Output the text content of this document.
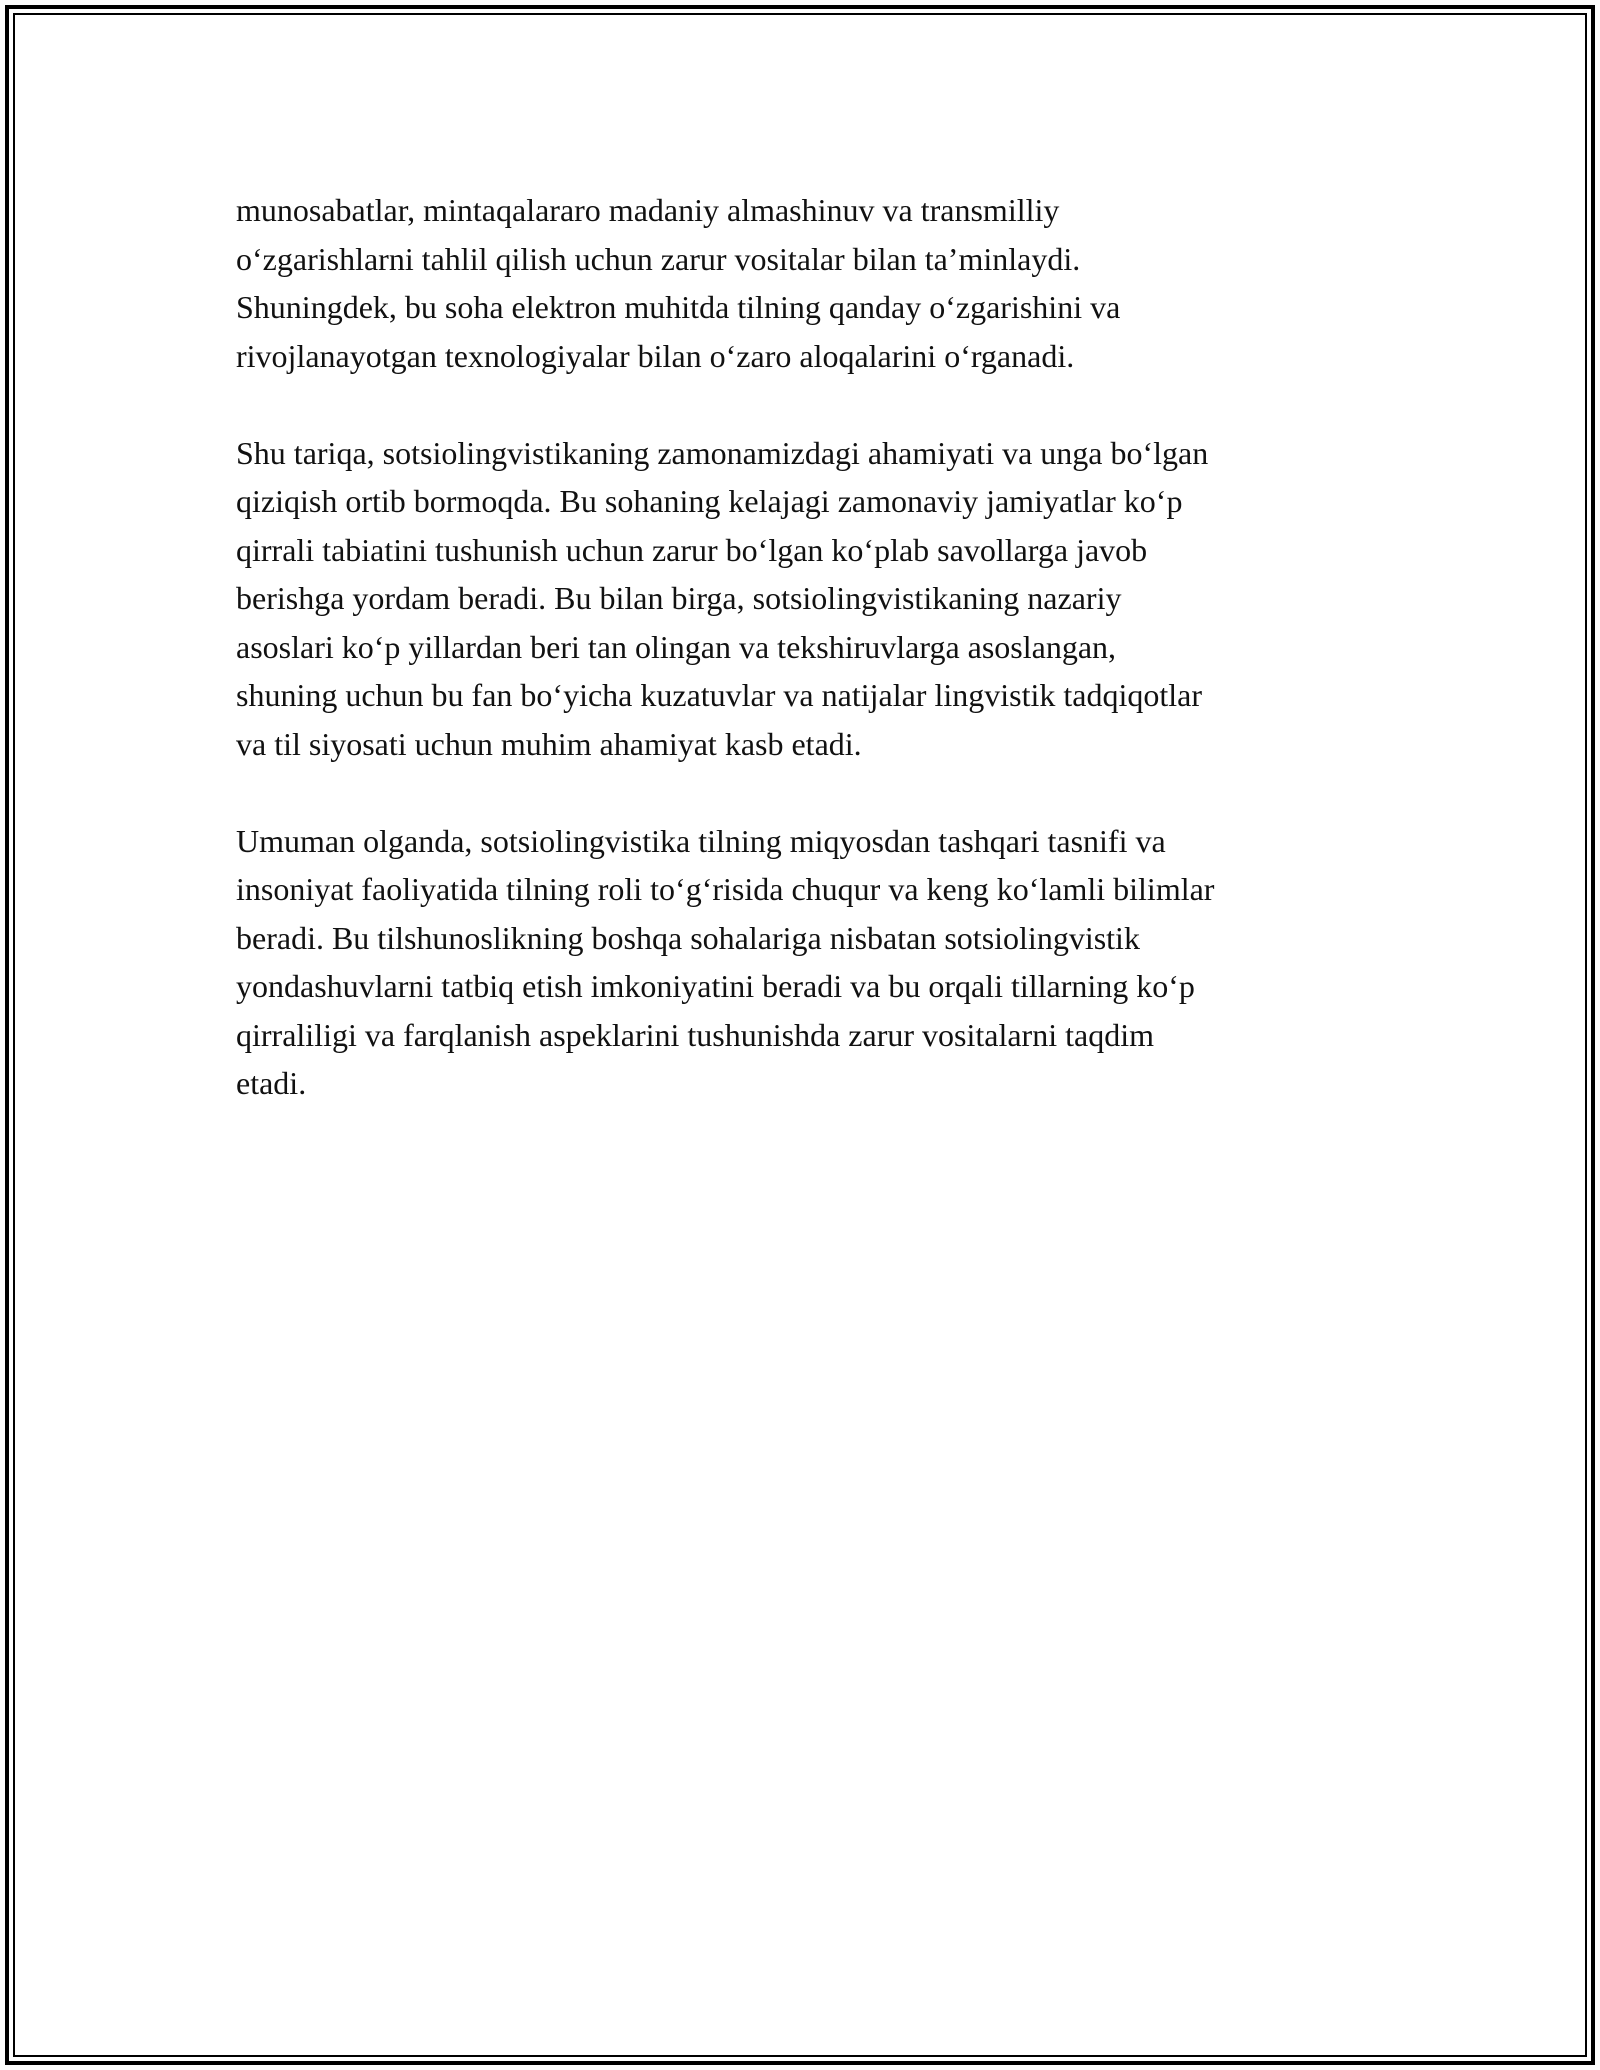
munosabatlar, mintaqalararo madaniy almashinuv va transmilliy
o‘zgarishlarni tahlil qilish uchun zarur vositalar bilan ta’minlaydi.
Shuningdek, bu soha elektron muhitda tilning qanday o‘zgarishini va
rivojlanayotgan texnologiyalar bilan o‘zaro aloqalarini o‘rganadi.

Shu tariqa, sotsiolingvistikaning zamonamizdagi ahamiyati va unga bo‘lgan
qiziqish ortib bormoqda. Bu sohaning kelajagi zamonaviy jamiyatlar ko‘p
qirrali tabiatini tushunish uchun zarur bo‘lgan ko‘plab savollarga javob
berishga yordam beradi. Bu bilan birga, sotsiolingvistikaning nazariy
asoslari ko‘p yillardan beri tan olingan va tekshiruvlarga asoslangan,
shuning uchun bu fan bo‘yicha kuzatuvlar va natijalar lingvistik tadqiqotlar
va til siyosati uchun muhim ahamiyat kasb etadi.

Umuman olganda, sotsiolingvistika tilning miqyosdan tashqari tasnifi va
insoniyat faoliyatida tilning roli to‘g‘risida chuqur va keng ko‘lamli bilimlar
beradi. Bu tilshunoslikning boshqa sohalariga nisbatan sotsiolingvistik
yondashuvlarni tatbiq etish imkoniyatini beradi va bu orqali tillarning ko‘p
qirraliligi va farqlanish aspeklarini tushunishda zarur vositalarni taqdim
etadi.
